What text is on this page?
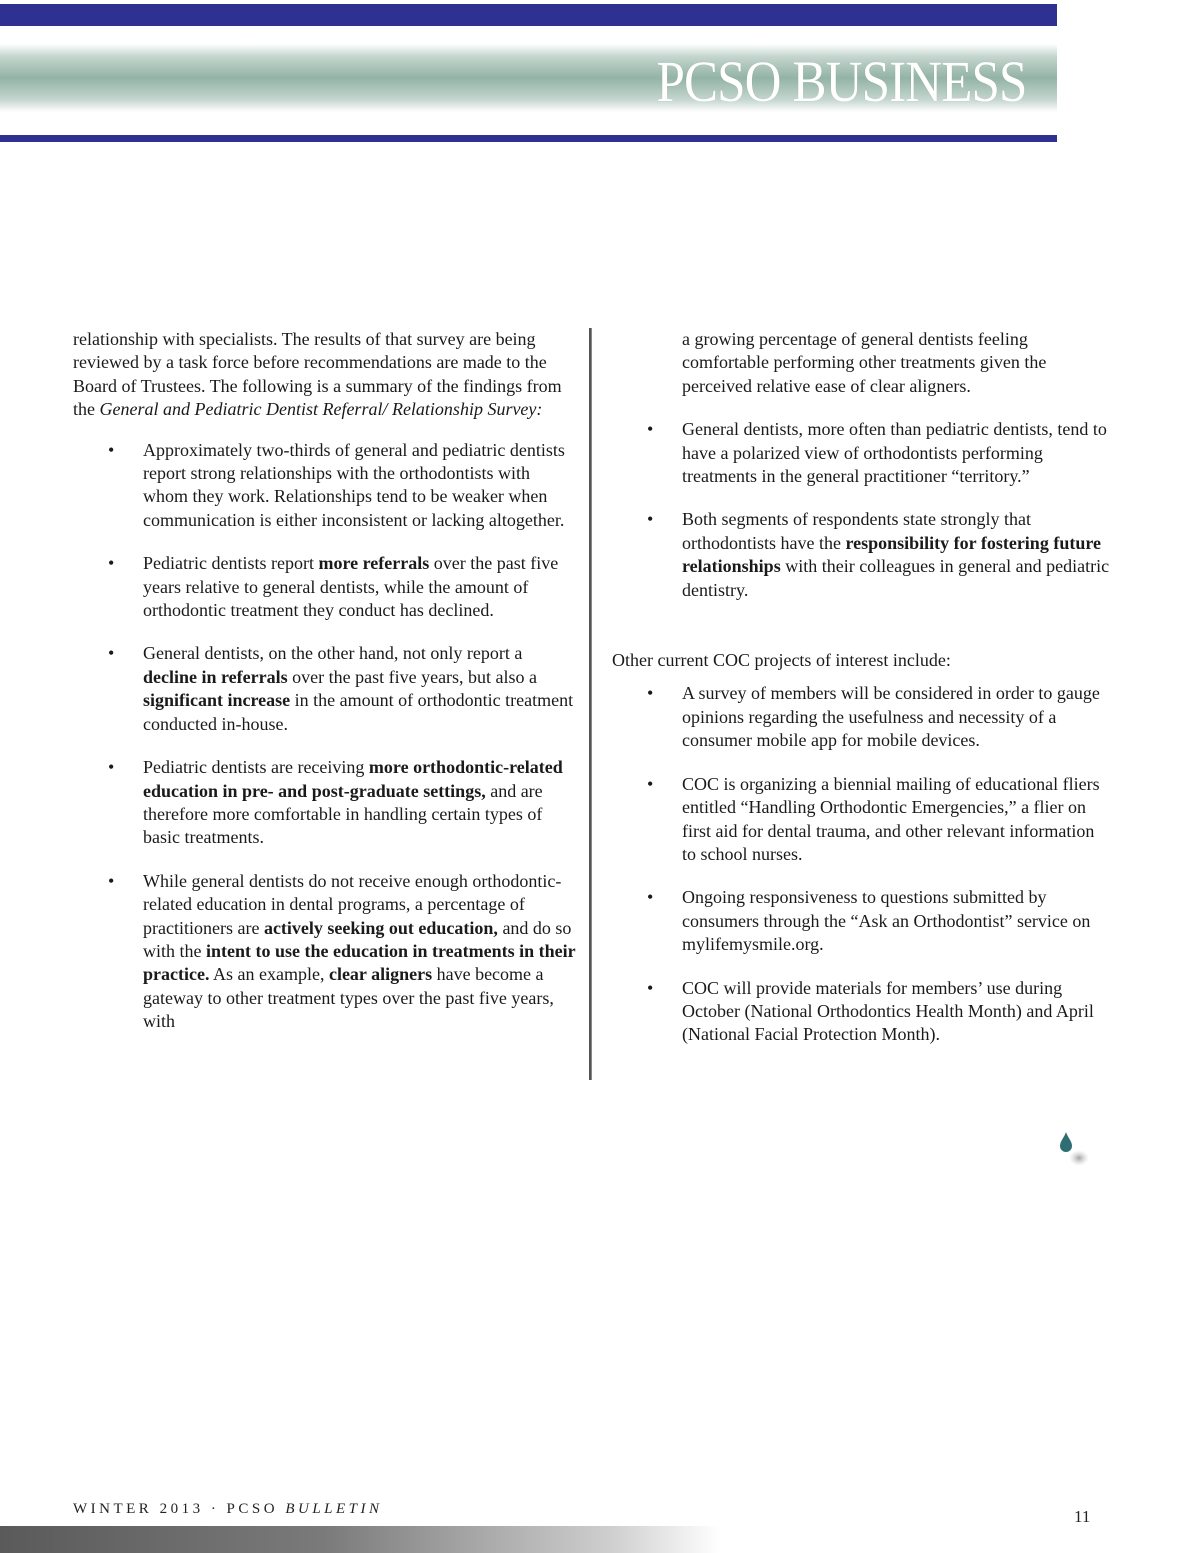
PCSO BUSINESS

relationship with specialists. The results of that survey are being reviewed by a task force before recommendations are made to the Board of Trustees. The following is a summary of the findings from the General and Pediatric Dentist Referral/ Relationship Survey:

• Approximately two-thirds of general and pediatric dentists report strong relationships with the orthodontists with whom they work. Relationships tend to be weaker when communication is either inconsistent or lacking altogether.
• Pediatric dentists report more referrals over the past five years relative to general dentists, while the amount of orthodontic treatment they conduct has declined.
• General dentists, on the other hand, not only report a decline in referrals over the past five years, but also a significant increase in the amount of orthodontic treatment conducted in-house.
• Pediatric dentists are receiving more orthodontic-related education in pre- and post-graduate settings, and are therefore more comfortable in handling certain types of basic treatments.
• While general dentists do not receive enough orthodontic-related education in dental programs, a percentage of practitioners are actively seeking out education, and do so with the intent to use the education in treatments in their practice. As an example, clear aligners have become a gateway to other treatment types over the past five years, with

a growing percentage of general dentists feeling comfortable performing other treatments given the perceived relative ease of clear aligners.

• General dentists, more often than pediatric dentists, tend to have a polarized view of orthodontists performing treatments in the general practitioner “territory.”
• Both segments of respondents state strongly that orthodontists have the responsibility for fostering future relationships with their colleagues in general and pediatric dentistry.

Other current COC projects of interest include:

• A survey of members will be considered in order to gauge opinions regarding the usefulness and necessity of a consumer mobile app for mobile devices.
• COC is organizing a biennial mailing of educational fliers entitled “Handling Orthodontic Emergencies,” a flier on first aid for dental trauma, and other relevant information to school nurses.
• Ongoing responsiveness to questions submitted by consumers through the “Ask an Orthodontist” service on mylifemysmile.org.
• COC will provide materials for members’ use during October (National Orthodontics Health Month) and April (National Facial Protection Month).
WINTER 2013 · PCSO BULLETIN	11
